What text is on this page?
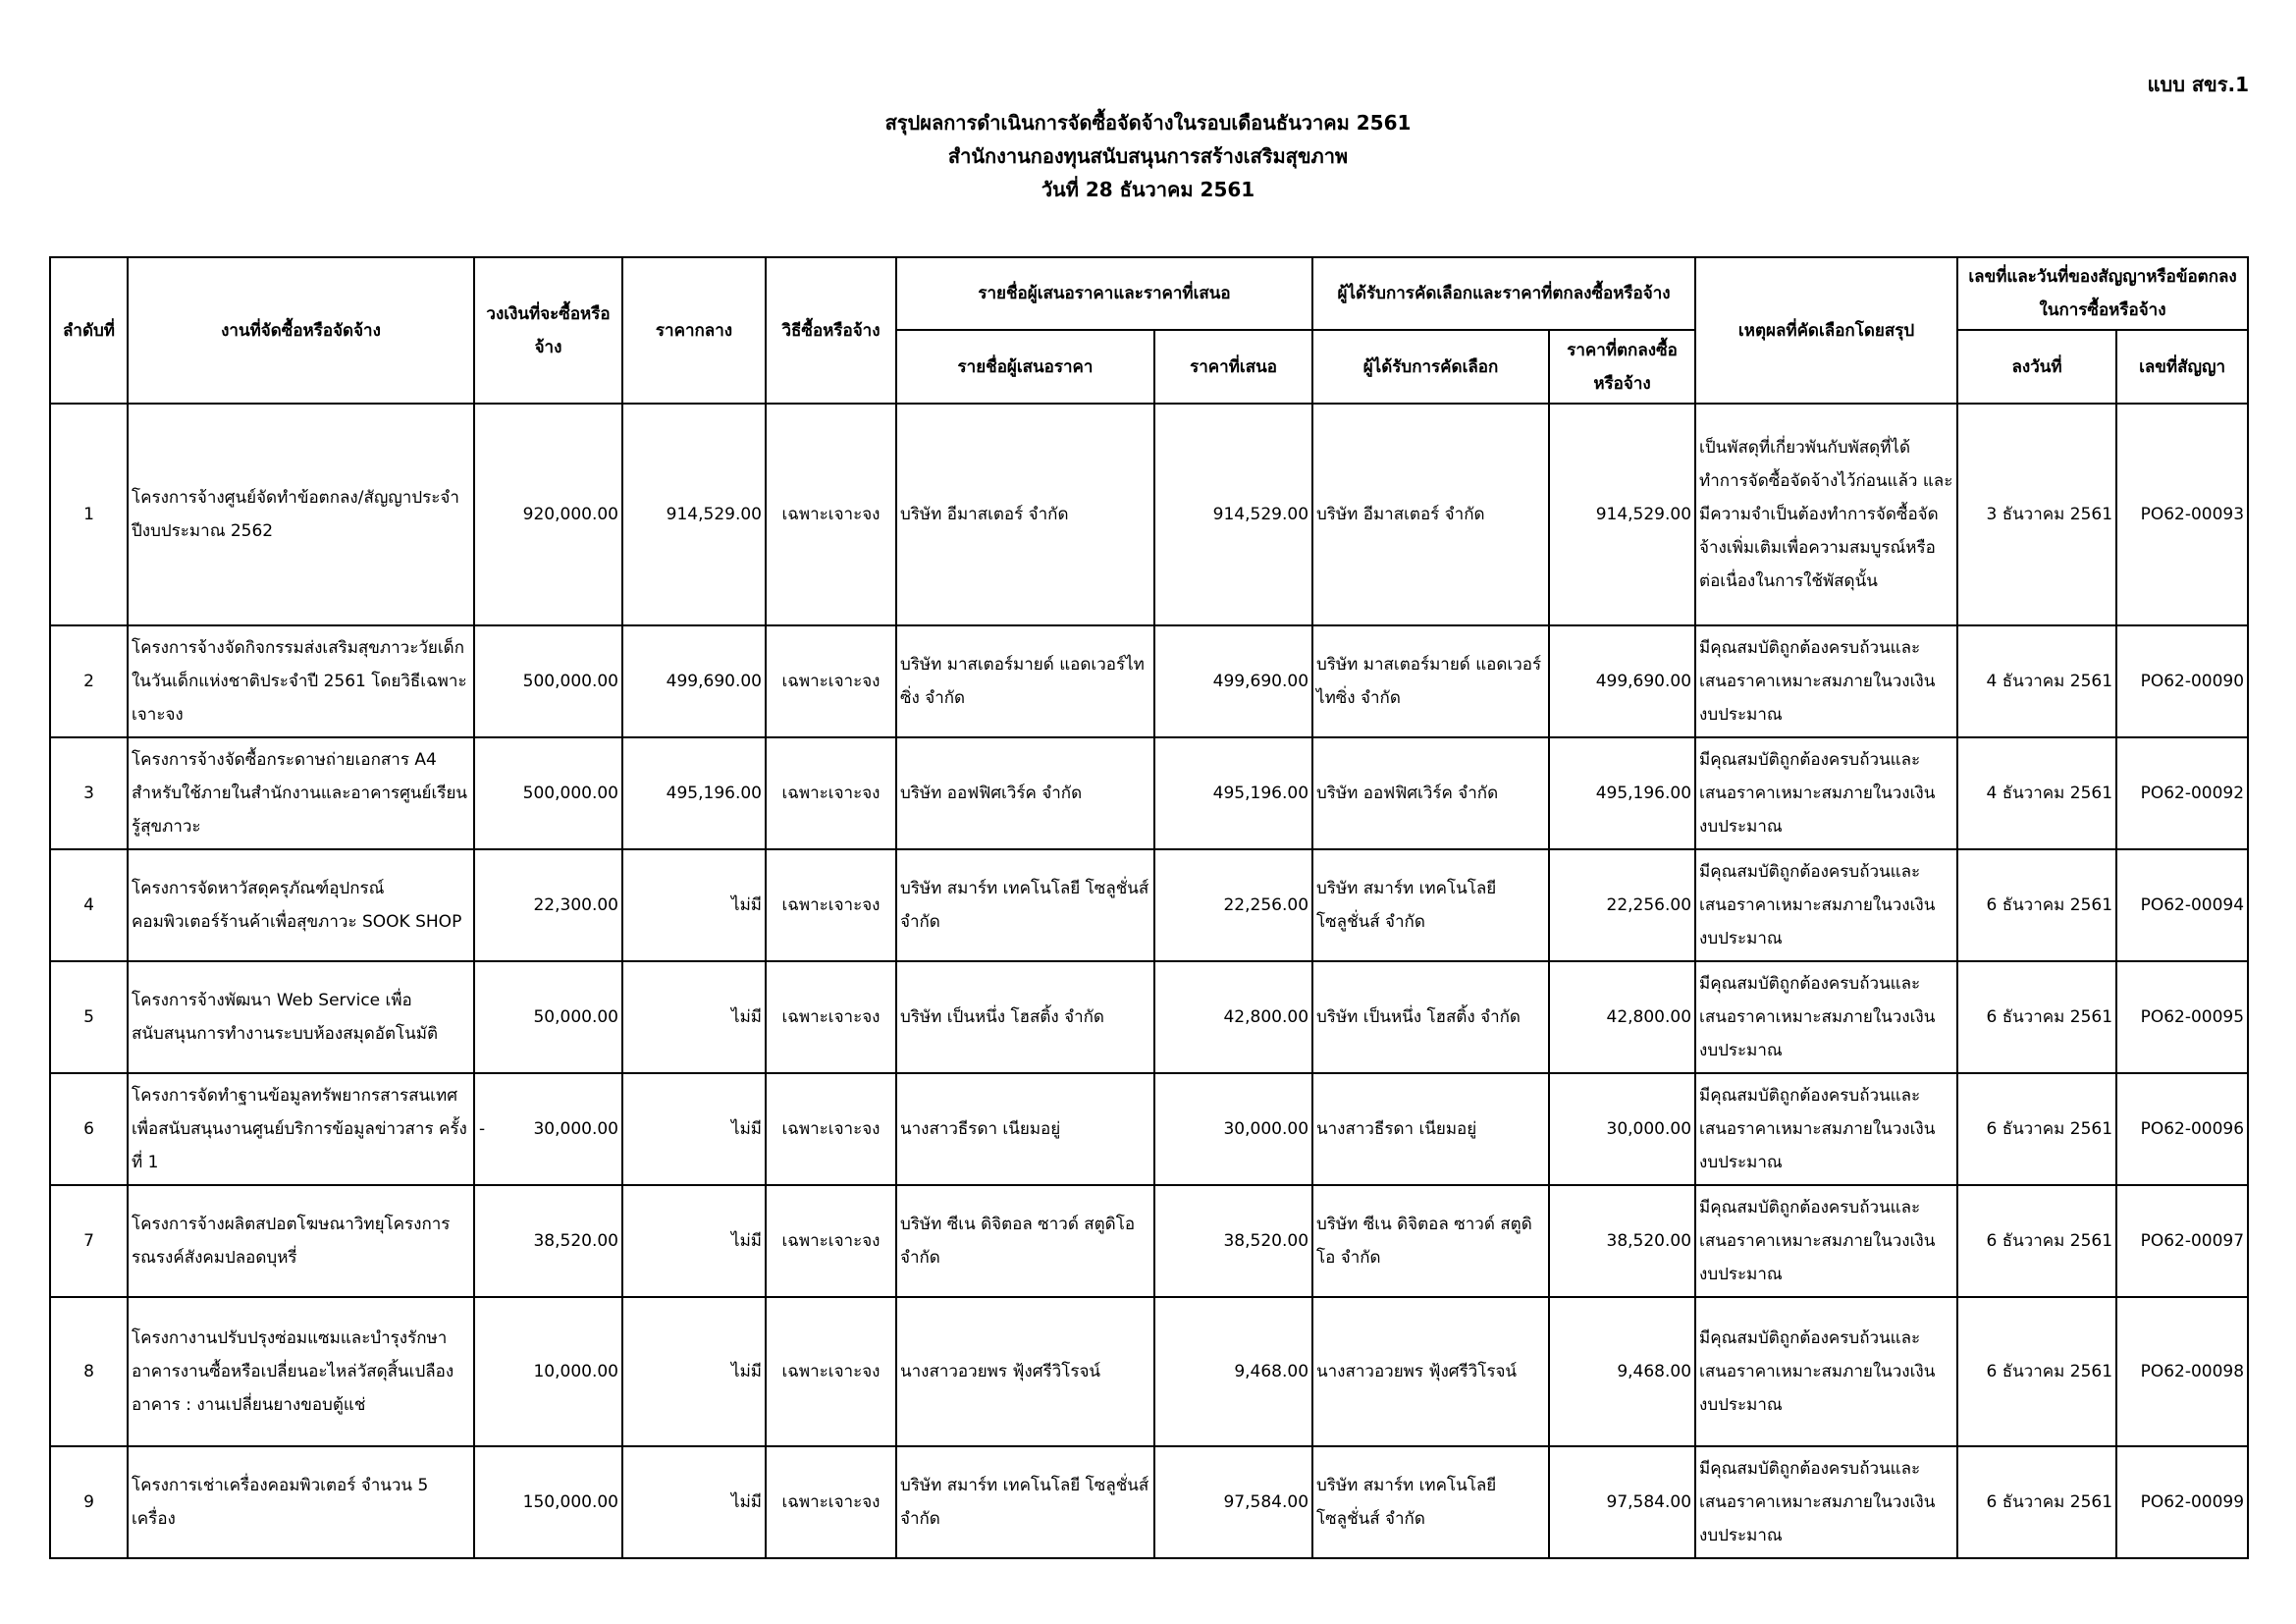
แบบ สขร.1
สรุปผลการดำเนินการจัดซื้อจัดจ้างในรอบเดือนธันวาคม 2561
สำนักงานกองทุนสนับสนุนการสร้างเสริมสุขภาพ
วันที่ 28 ธันวาคม 2561
ลำดับที่	งานที่จัดซื้อหรือจัดจ้าง	วงเงินที่จะซื้อหรือจ้าง	ราคากลาง	วิธีซื้อหรือจ้าง	รายชื่อผู้เสนอราคาและราคาที่เสนอ		ผู้ได้รับการคัดเลือกและราคาที่ตกลงซื้อหรือจ้าง		เหตุผลที่คัดเลือกโดยสรุป	เลขที่และวันที่ของสัญญาหรือข้อตกลงในการซื้อหรือจ้าง	
					รายชื่อผู้เสนอราคา	ราคาที่เสนอ	ผู้ได้รับการคัดเลือก	ราคาที่ตกลงซื้อหรือจ้าง		ลงวันที่	เลขที่สัญญา
1	โครงการจ้างศูนย์จัดทำข้อตกลง/สัญญาประจำปีงบประมาณ 2562	920,000.00	914,529.00	เฉพาะเจาะจง	บริษัท อีมาสเตอร์ จำกัด	914,529.00	บริษัท อีมาสเตอร์ จำกัด	914,529.00	เป็นพัสดุที่เกี่ยวพันกับพัสดุที่ได้ทำการจัดซื้อจัดจ้างไว้ก่อนแล้ว และมีความจำเป็นต้องทำการจัดซื้อจัดจ้างเพิ่มเติมเพื่อความสมบูรณ์หรือต่อเนื่องในการใช้พัสดุนั้น	3 ธันวาคม 2561	PO62-00093
2	โครงการจ้างจัดกิจกรรมส่งเสริมสุขภาวะวัยเด็ก ในวันเด็กแห่งชาติประจำปี 2561 โดยวิธีเฉพาะเจาะจง	500,000.00	499,690.00	เฉพาะเจาะจง	บริษัท มาสเตอร์มายด์ แอดเวอร์ไทซิ่ง จำกัด	499,690.00	บริษัท มาสเตอร์มายด์ แอดเวอร์ไทซิ่ง จำกัด	499,690.00	มีคุณสมบัติถูกต้องครบถ้วนและเสนอราคาเหมาะสมภายในวงเงินงบประมาณ	4 ธันวาคม 2561	PO62-00090
3	โครงการจ้างจัดซื้อกระดาษถ่ายเอกสาร A4 สำหรับใช้ภายในสำนักงานและอาคารศูนย์เรียนรู้สุขภาวะ	500,000.00	495,196.00	เฉพาะเจาะจง	บริษัท ออฟฟิศเวิร์ค จำกัด	495,196.00	บริษัท ออฟฟิศเวิร์ค จำกัด	495,196.00	มีคุณสมบัติถูกต้องครบถ้วนและเสนอราคาเหมาะสมภายในวงเงินงบประมาณ	4 ธันวาคม 2561	PO62-00092
4	โครงการจัดหาวัสดุครุภัณฑ์อุปกรณ์คอมพิวเตอร์ร้านค้าเพื่อสุขภาวะ SOOK SHOP	22,300.00	ไม่มี	เฉพาะเจาะจง	บริษัท สมาร์ท เทคโนโลยี โซลูชั่นส์ จำกัด	22,256.00	บริษัท สมาร์ท เทคโนโลยี โซลูชั่นส์ จำกัด	22,256.00	มีคุณสมบัติถูกต้องครบถ้วนและเสนอราคาเหมาะสมภายในวงเงินงบประมาณ	6 ธันวาคม 2561	PO62-00094
5	โครงการจ้างพัฒนา Web Service เพื่อสนับสนุนการทำงานระบบห้องสมุดอัตโนมัติ	50,000.00	ไม่มี	เฉพาะเจาะจง	บริษัท เป็นหนึ่ง โฮสติ้ง จำกัด	42,800.00	บริษัท เป็นหนึ่ง โฮสติ้ง จำกัด	42,800.00	มีคุณสมบัติถูกต้องครบถ้วนและเสนอราคาเหมาะสมภายในวงเงินงบประมาณ	6 ธันวาคม 2561	PO62-00095
6	โครงการจัดทำฐานข้อมูลทรัพยากรสารสนเทศเพื่อสนับสนุนงานศูนย์บริการข้อมูลข่าวสาร ครั้งที่ 1	- 30,000.00	ไม่มี	เฉพาะเจาะจง	นางสาวธีรดา เนียมอยู่	30,000.00	นางสาวธีรดา เนียมอยู่	30,000.00	มีคุณสมบัติถูกต้องครบถ้วนและเสนอราคาเหมาะสมภายในวงเงินงบประมาณ	6 ธันวาคม 2561	PO62-00096
7	โครงการจ้างผลิตสปอตโฆษณาวิทยุโครงการรณรงค์สังคมปลอดบุหรี่	38,520.00	ไม่มี	เฉพาะเจาะจง	บริษัท ซีเน ดิจิตอล ซาวด์ สตูดิโอ จำกัด	38,520.00	บริษัท ซีเน ดิจิตอล ซาวด์ สตูดิโอ จำกัด	38,520.00	มีคุณสมบัติถูกต้องครบถ้วนและเสนอราคาเหมาะสมภายในวงเงินงบประมาณ	6 ธันวาคม 2561	PO62-00097
8	โครงกางานปรับปรุงซ่อมแซมและบำรุงรักษาอาคารงานซื้อหรือเปลี่ยนอะไหล่วัสดุสิ้นเปลืองอาคาร : งานเปลี่ยนยางขอบตู้แช่	10,000.00	ไม่มี	เฉพาะเจาะจง	นางสาวอวยพร ฟุ้งศรีวิโรจน์	9,468.00	นางสาวอวยพร ฟุ้งศรีวิโรจน์	9,468.00	มีคุณสมบัติถูกต้องครบถ้วนและเสนอราคาเหมาะสมภายในวงเงินงบประมาณ	6 ธันวาคม 2561	PO62-00098
9	โครงการเช่าเครื่องคอมพิวเตอร์ จำนวน 5 เครื่อง	150,000.00	ไม่มี	เฉพาะเจาะจง	บริษัท สมาร์ท เทคโนโลยี โซลูชั่นส์ จำกัด	97,584.00	บริษัท สมาร์ท เทคโนโลยี โซลูชั่นส์ จำกัด	97,584.00	มีคุณสมบัติถูกต้องครบถ้วนและเสนอราคาเหมาะสมภายในวงเงินงบประมาณ	6 ธันวาคม 2561	PO62-00099
